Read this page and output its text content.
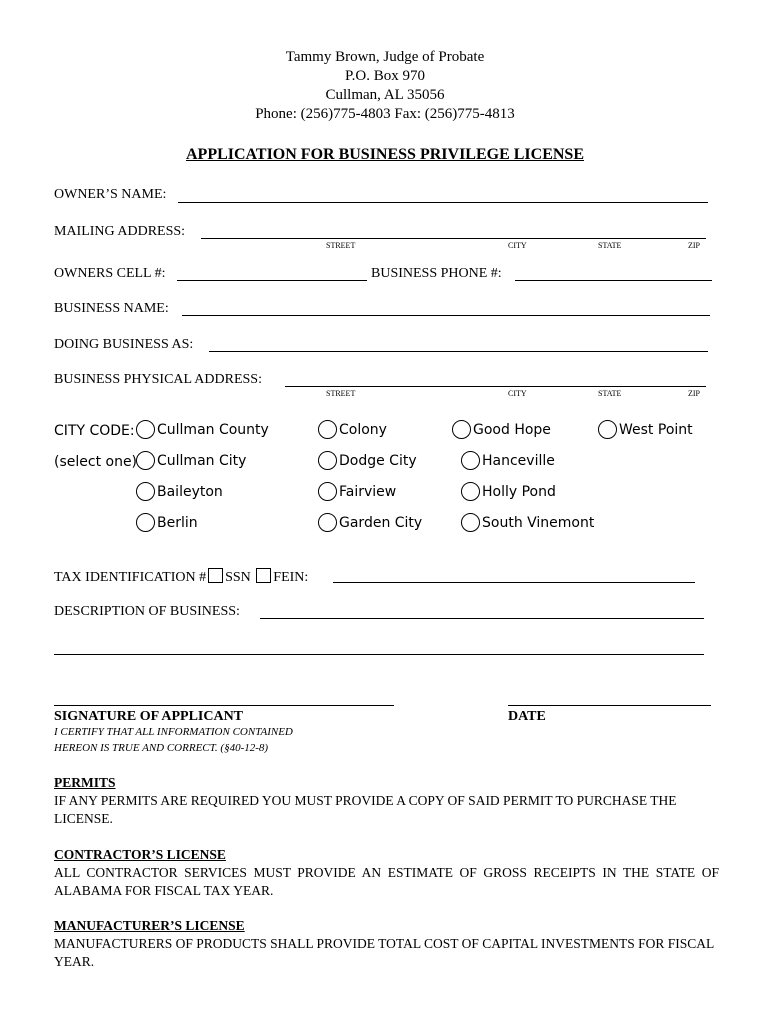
Tammy Brown, Judge of Probate
P.O. Box 970
Cullman, AL 35056
Phone: (256)775-4803 Fax: (256)775-4813
APPLICATION FOR BUSINESS PRIVILEGE LICENSE
OWNER’S NAME:
MAILING ADDRESS:
STREET	CITY	STATE	ZIP
OWNERS CELL #:	BUSINESS PHONE #:
BUSINESS NAME:
DOING BUSINESS AS:
BUSINESS PHYSICAL ADDRESS:
STREET	CITY	STATE	ZIP
CITY CODE:
(select one)
Cullman County	Colony	Good Hope	West Point
Cullman City	Dodge City	Hanceville
Baileyton	Fairview	Holly Pond
Berlin	Garden City	South Vinemont
TAX IDENTIFICATION # SSN FEIN:
DESCRIPTION OF BUSINESS:
SIGNATURE OF APPLICANT	DATE
I CERTIFY THAT ALL INFORMATION CONTAINED
HEREON IS TRUE AND CORRECT. (§40-12-8)
PERMITS
IF ANY PERMITS ARE REQUIRED YOU MUST PROVIDE A COPY OF SAID PERMIT TO PURCHASE THE LICENSE.
CONTRACTOR’S LICENSE
ALL CONTRACTOR SERVICES MUST PROVIDE AN ESTIMATE OF GROSS RECEIPTS IN THE STATE OF ALABAMA FOR FISCAL TAX YEAR.
MANUFACTURER’S LICENSE
MANUFACTURERS OF PRODUCTS SHALL PROVIDE TOTAL COST OF CAPITAL INVESTMENTS FOR FISCAL YEAR.
